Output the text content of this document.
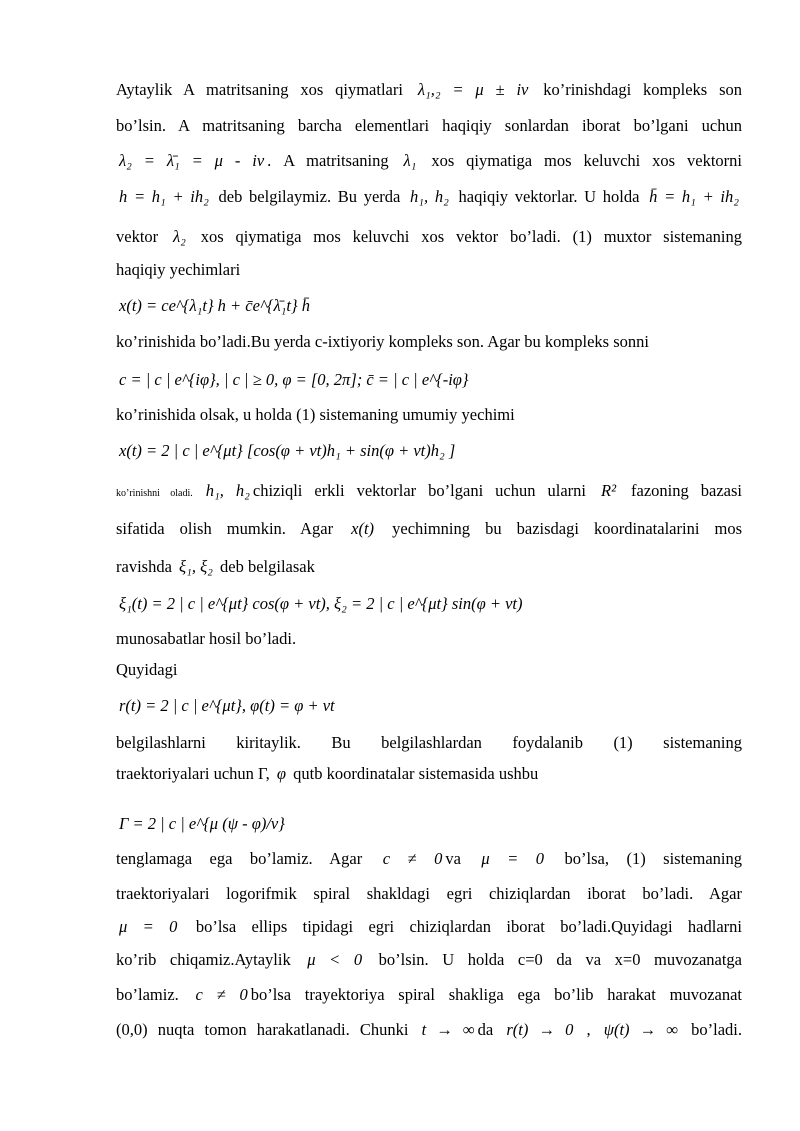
Aytaylik A matritsaning xos qiymatlari λ₁,₂ = μ ± iν ko’rinishdagi kompleks son
bo’lsin. A matritsaning barcha elementlari haqiqiy sonlardan iborat bo’lgani uchun
λ₂ = λ̄₁ = μ - iν . A matritsaning λ₁ xos qiymatiga mos keluvchi xos vektorni
h = h₁ + ih₂ deb belgilaymiz. Bu yerda h₁, h₂ haqiqiy vektorlar. U holda h̄ = h₁ + ih₂
vektor λ₂ xos qiymatiga mos keluvchi xos vektor bo’ladi. (1) muxtor sistemaning
haqiqiy yechimlari
x(t) = ce^{λ₁t} h + c̄e^{λ̄₁t} h̄
ko’rinishida bo’ladi.Bu yerda c-ixtiyoriy kompleks son. Agar bu kompleks sonni
c = | c | e^{iφ}, | c | ≥ 0, φ = [0, 2π]; c̄ = | c | e^{-iφ}
ko’rinishida olsak, u holda (1) sistemaning umumiy yechimi
x(t) = 2 | c | e^{μt} [cos(φ + νt)h₁ + sin(φ + νt)h₂ ]
ko’rinishni oladi. h₁, h₂ chiziqli erkli vektorlar bo’lgani uchun ularni R² fazoning bazasi
sifatida olish mumkin. Agar x(t) yechimning bu bazisdagi koordinatalarini mos
ravishda ξ₁, ξ₂ deb belgilasak
ξ₁(t) = 2 | c | e^{μt} cos(φ + νt), ξ₂ = 2 | c | e^{μt} sin(φ + νt)
munosabatlar hosil bo’ladi.
Quyidagi
r(t) = 2 | c | e^{μt}, φ(t) = φ + νt
belgilashlarni kiritaylik. Bu belgilashlardan foydalanib (1) sistemaning
traektoriyalari uchun Γ, φ qutb koordinatalar sistemasida ushbu
Γ = 2 | c | e^{μ (ψ - φ)/ν}
tenglamaga ega bo’lamiz. Agar c ≠ 0 va μ = 0 bo’lsa, (1) sistemaning
traektoriyalari logorifmik spiral shakldagi egri chiziqlardan iborat bo’ladi. Agar
μ = 0 bo’lsa ellips tipidagi egri chiziqlardan iborat bo’ladi.Quyidagi hadlarni
ko’rib chiqamiz.Aytaylik μ < 0 bo’lsin. U holda c=0 da va x=0 muvozanatga
bo’lamiz. c ≠ 0 bo’lsa trayektoriya spiral shakliga ega bo’lib harakat muvozanat
(0,0) nuqta tomon harakatlanadi. Chunki t → ∞ da r(t) → 0 , ψ(t) → ∞ bo’ladi.
